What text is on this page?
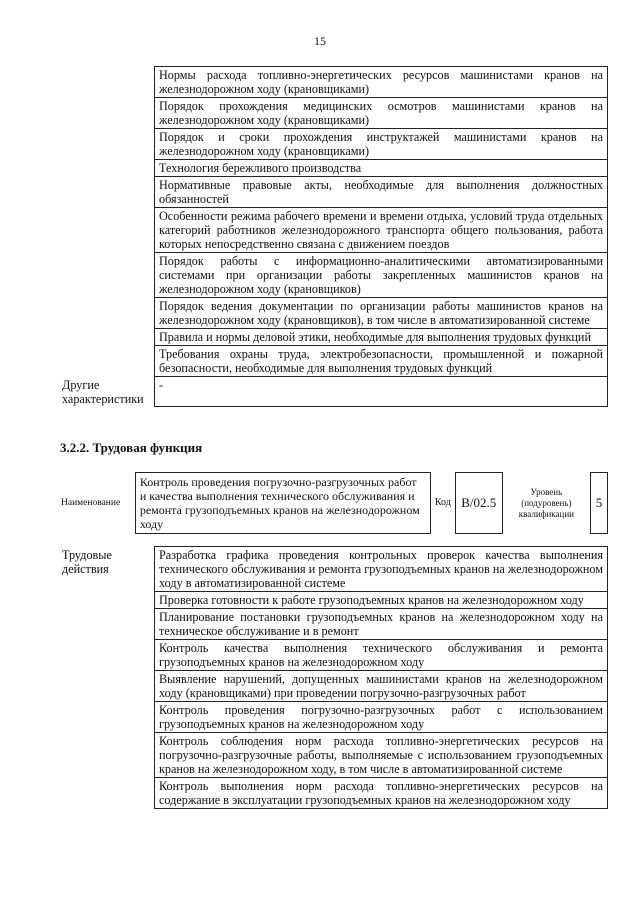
15
	Нормы расхода топливно-энергетических ресурсов машинистами кранов на железнодорожном ходу (крановщиками)
	Порядок прохождения медицинских осмотров машинистами кранов на железнодорожном ходу (крановщиками)
	Порядок и сроки прохождения инструктажей машинистами кранов на железнодорожном ходу (крановщиками)
	Технология бережливого производства
	Нормативные правовые акты, необходимые для выполнения должностных обязанностей
	Особенности режима рабочего времени и времени отдыха, условий труда отдельных категорий работников железнодорожного транспорта общего пользования, работа которых непосредственно связана с движением поездов
	Порядок работы с информационно-аналитическими автоматизированными системами при организации работы закрепленных машинистов кранов на железнодорожном ходу (крановщиков)
	Порядок ведения документации по организации работы машинистов кранов на железнодорожном ходу (крановщиков), в том числе в автоматизированной системе
	Правила и нормы деловой этики, необходимые для выполнения трудовых функций
	Требования охраны труда, электробезопасности, промышленной и пожарной безопасности, необходимые для выполнения трудовых функций
Другие характеристики	-
3.2.2. Трудовая функция
Наименование	Контроль проведения погрузочно-разгрузочных работ и качества выполнения технического обслуживания и ремонта грузоподъемных кранов на железнодорожном ходу	Код	B/02.5	Уровень (подуровень) квалификации	5
Трудовые действия	Разработка графика проведения контрольных проверок качества выполнения технического обслуживания и ремонта грузоподъемных кранов на железнодорожном ходу в автоматизированной системе
Проверка готовности к работе грузоподъемных кранов на железнодорожном ходу
Планирование постановки грузоподъемных кранов на железнодорожном ходу на техническое обслуживание и в ремонт
Контроль качества выполнения технического обслуживания и ремонта грузоподъемных кранов на железнодорожном ходу
Выявление нарушений, допущенных машинистами кранов на железнодорожном ходу (крановщиками) при проведении погрузочно-разгрузочных работ
Контроль проведения погрузочно-разгрузочных работ с использованием грузоподъемных кранов на железнодорожном ходу
Контроль соблюдения норм расхода топливно-энергетических ресурсов на погрузочно-разгрузочные работы, выполняемые с использованием грузоподъемных кранов на железнодорожном ходу, в том числе в автоматизированной системе
Контроль выполнения норм расхода топливно-энергетических ресурсов на содержание в эксплуатации грузоподъемных кранов на железнодорожном ходу
